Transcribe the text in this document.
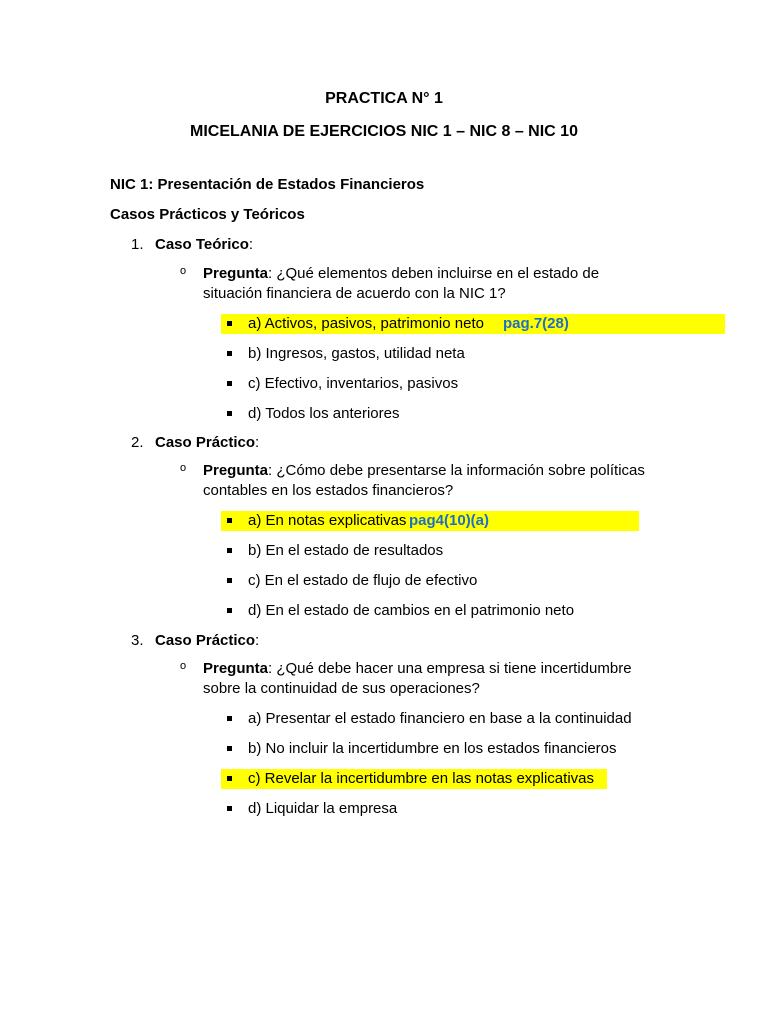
PRACTICA N° 1
MICELANIA DE EJERCICIOS NIC 1 – NIC 8 – NIC 10
NIC 1: Presentación de Estados Financieros
Casos Prácticos y Teóricos
1. Caso Teórico:
o Pregunta: ¿Qué elementos deben incluirse en el estado de situación financiera de acuerdo con la NIC 1?
a) Activos, pasivos, patrimonio neto pag.7(28)
b) Ingresos, gastos, utilidad neta
c) Efectivo, inventarios, pasivos
d) Todos los anteriores
2. Caso Práctico:
o Pregunta: ¿Cómo debe presentarse la información sobre políticas contables en los estados financieros?
a) En notas explicativas pag4(10)(a)
b) En el estado de resultados
c) En el estado de flujo de efectivo
d) En el estado de cambios en el patrimonio neto
3. Caso Práctico:
o Pregunta: ¿Qué debe hacer una empresa si tiene incertidumbre sobre la continuidad de sus operaciones?
a) Presentar el estado financiero en base a la continuidad
b) No incluir la incertidumbre en los estados financieros
c) Revelar la incertidumbre en las notas explicativas
d) Liquidar la empresa
